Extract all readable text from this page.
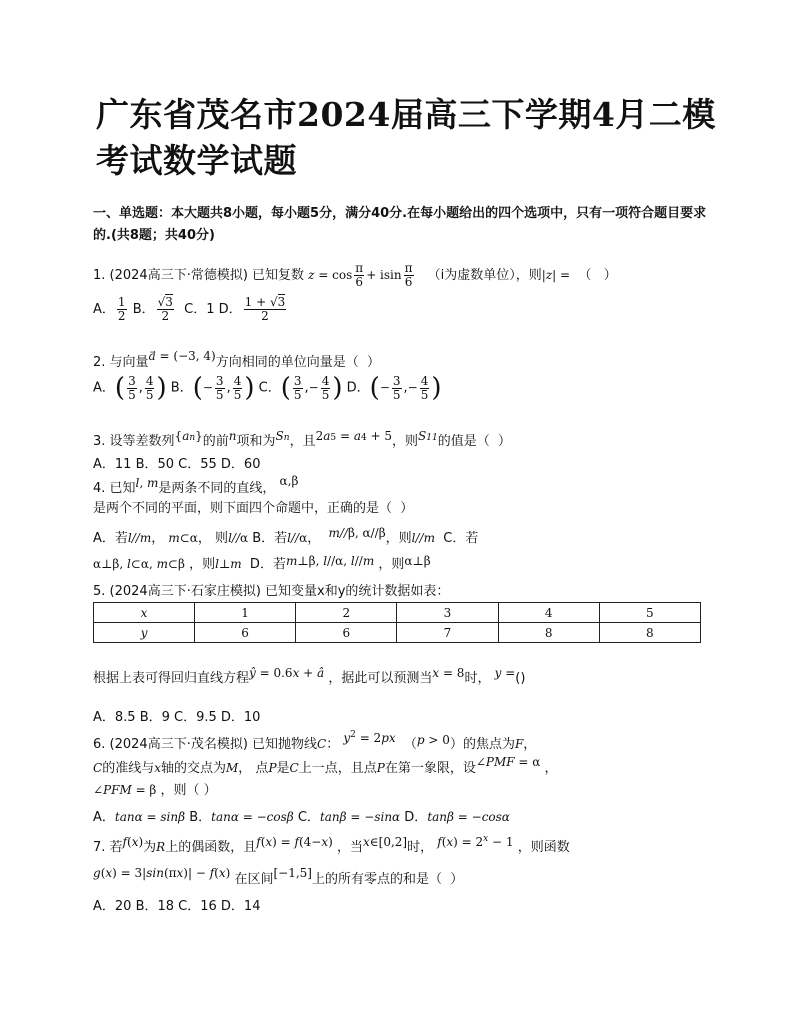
广东省茂名市2024届高三下学期4月二模考试数学试题
一、单选题：本大题共8小题，每小题5分，满分40分.在每小题给出的四个选项中，只有一项符合题目要求的.(共8题；共40分)
1. (2024高三下·常德模拟) 已知复数 $z = \cos \frac{\pi}{6} + isin \frac{\pi}{6} (i$为虚数单位），则|z| =  （   ）
A． $\frac{1}{2}$ B． $\frac{√3}{2}$ C．1 D． $\frac{1 + √3}{2}$
2. 与向量a⃗ = (−3, 4)方向相同的单位向量是（  ）
A．( $\frac{3}{5}$ , $\frac{4}{5}$ ) B．(− $\frac{3}{5}$ , $\frac{4}{5}$ ) C．( $\frac{3}{5}$ ,− $\frac{4}{5}$ ) D．(− $\frac{3}{5}$ ,− $\frac{4}{5}$ )
3. 设等差数列{an}的前n项和为Sn，且2a5 = a4 + 5，则S11的值是（  ）
A．11 B．50 C．55 D．60
4. 已知l, m是两条不同的直线， α,β
是两个不同的平面，则下面四个命题中，正确的是（  ）
A．若l//m， m⊂α， 则l//α B．若l//α，  m//β, α//β，则l//m  C．若
α⊥β, l⊂α, m⊂β ，则l⊥m  D．若m⊥β, l//α, l//m ，则α⊥β
5. (2024高三下·石家庄模拟) 已知变量x和y的统计数据如表：
x	1	2	3	4	5
y	6	6	7	8	8
根据上表可得回归直线方程ŷ = 0.6x + â ，据此可以预测当x = 8时， y =()
A．8.5 B．9 C．9.5 D．10
6. (2024高三下·茂名模拟) 已知抛物线C： $y^2 = 2px$  （p > 0）的焦点为F，
C的准线与x轴的交点为M， 点P是C上一点，且点P在第一象限，设∠PMF = α ，
∠PFM = β ，则（ ）
A．tanα = sinβ B．tanα = −cosβ C．tanβ = −sinα D．tanβ = −cosα
7. 若f(x)为R上的偶函数，且f(x) = f(4−x) ，当x∈[0,2]时， $f(x) = 2^x - 1$ ，则函数
g(x) = 3|sin(πx)| − f(x) 在区间[−1,5]上的所有零点的和是（  ）
A．20 B．18 C．16 D．14
